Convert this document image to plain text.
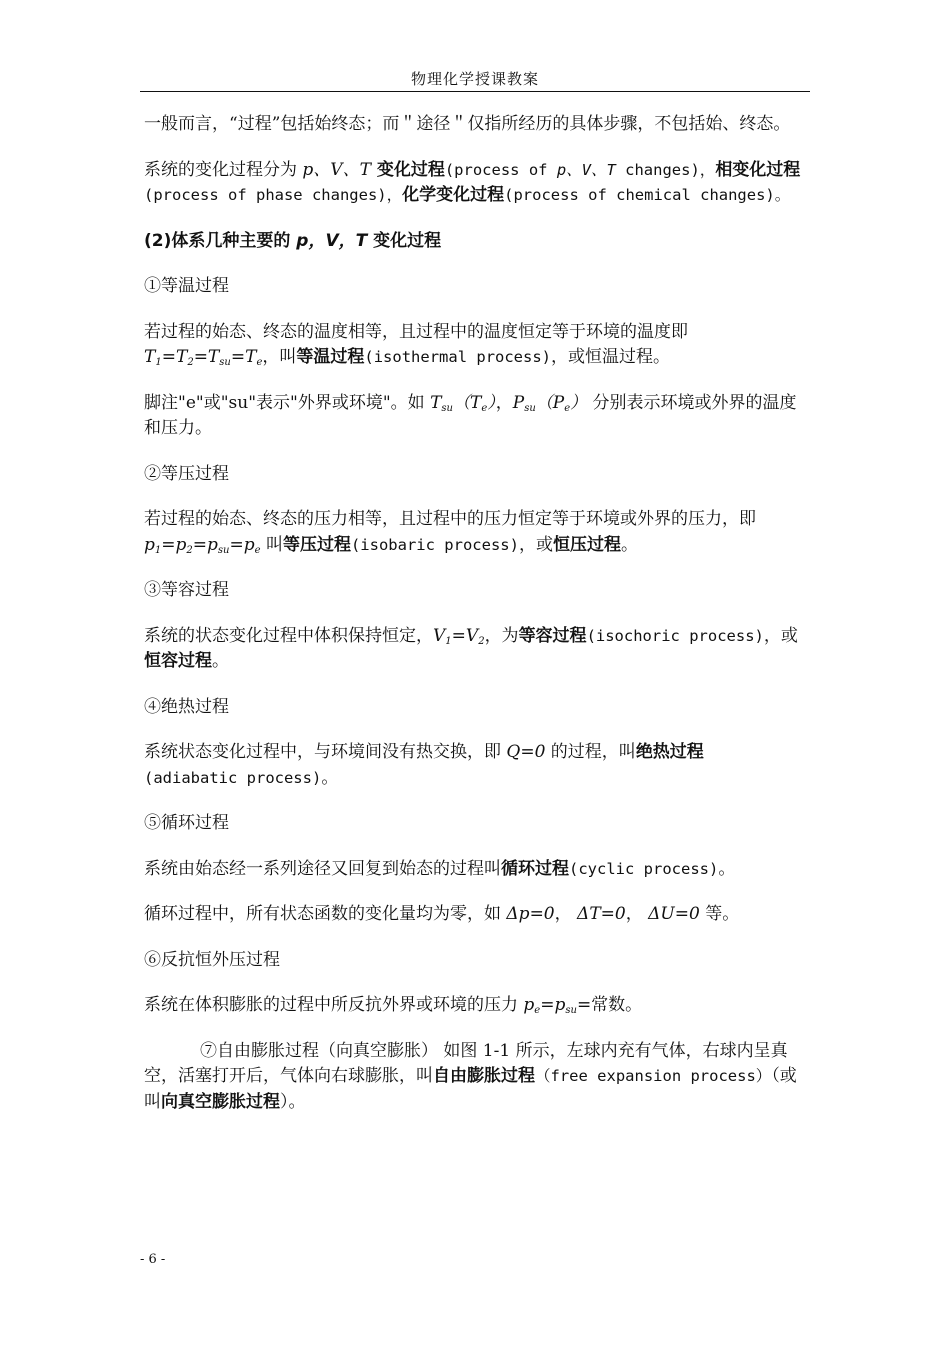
物理化学授课教案

一般而言，“过程”包括始终态；而＂途径＂仅指所经历的具体步骤，不包括始、终态。

系统的变化过程分为 p、V、T 变化过程(process of p、V、T changes)，相变化过程(process of phase changes)，化学变化过程(process of chemical changes)。

(2)体系几种主要的 p，V，T 变化过程

①等温过程

若过程的始态、终态的温度相等，且过程中的温度恒定等于环境的温度即
$T_1=T_2=T_{su}=T_e$，叫等温过程(isothermal process)，或恒温过程。

脚注"e"或"su"表示"外界或环境"。如 $T_{su}(T_e)$，$P_{su}(P_e)$ 分别表示环境或外界的温度和压力。

②等压过程

若过程的始态、终态的压力相等，且过程中的压力恒定等于环境或外界的压力，即 $p_1=p_2=p_{su}=p_e$ 叫等压过程(isobaric process)，或恒压过程。

③等容过程

系统的状态变化过程中体积保持恒定，$V_1=V_2$，为等容过程(isochoric process)，或恒容过程。

④绝热过程

系统状态变化过程中，与环境间没有热交换，即 Q=0 的过程，叫绝热过程
(adiabatic process)。

⑤循环过程

系统由始态经一系列途径又回复到始态的过程叫循环过程(cyclic process)。

循环过程中，所有状态函数的变化量均为零，如 Δp=0， ΔT=0， ΔU=0 等。

⑥反抗恒外压过程

系统在体积膨胀的过程中所反抗外界或环境的压力 $p_e=p_{su}=$常数。

⑦自由膨胀过程（向真空膨胀） 如图 1-1 所示，左球内充有气体，右球内呈真空，活塞打开后，气体向右球膨胀，叫自由膨胀过程（free expansion process）（或叫向真空膨胀过程）。

- 6 -
